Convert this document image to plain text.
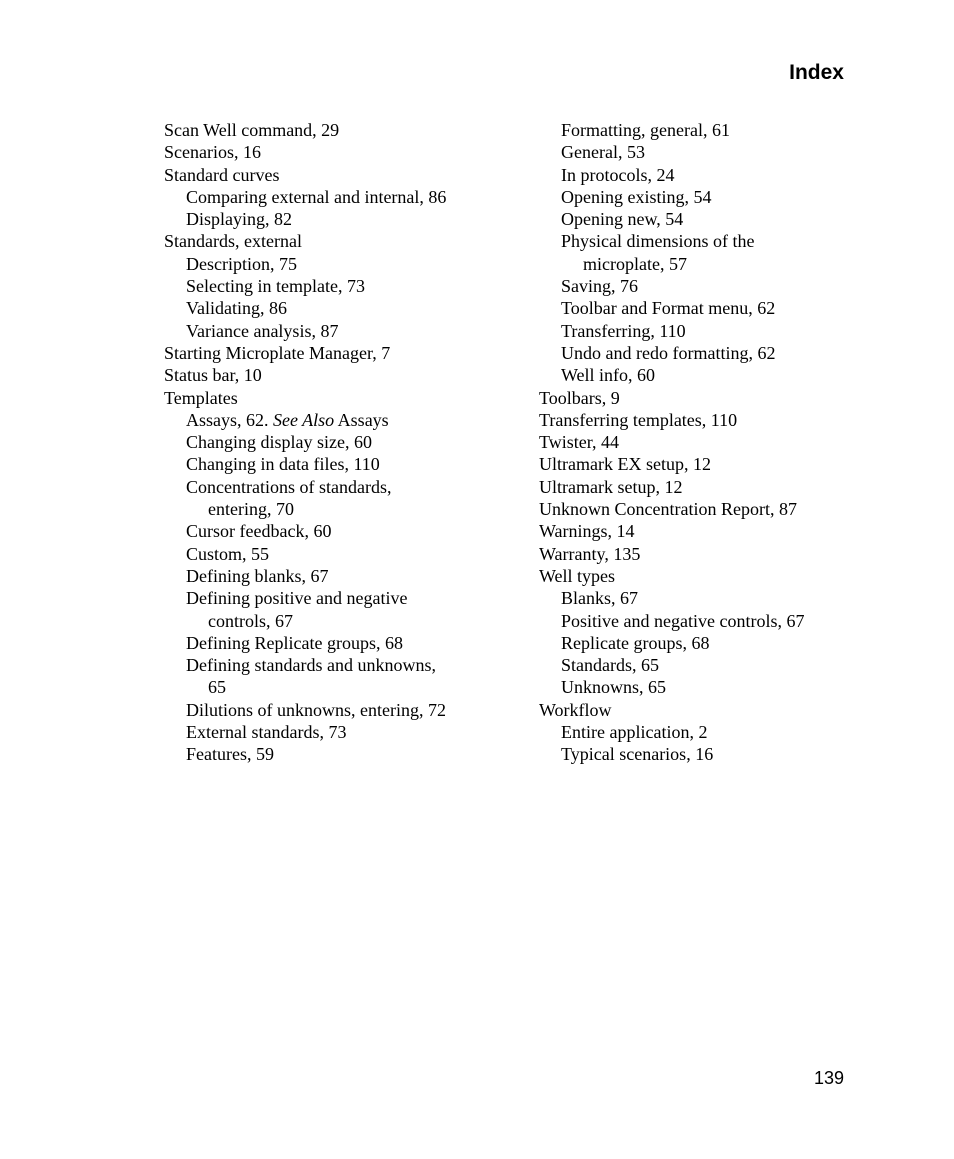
Index
Scan Well command, 29
Scenarios, 16
Standard curves
Comparing external and internal, 86
Displaying, 82
Standards, external
Description, 75
Selecting in template, 73
Validating, 86
Variance analysis, 87
Starting Microplate Manager, 7
Status bar, 10
Templates
Assays, 62. See Also Assays
Changing display size, 60
Changing in data files, 110
Concentrations of standards,
entering, 70
Cursor feedback, 60
Custom, 55
Defining blanks, 67
Defining positive and negative
controls, 67
Defining Replicate groups, 68
Defining standards and unknowns,
65
Dilutions of unknowns, entering, 72
External standards, 73
Features, 59
Formatting, general, 61
General, 53
In protocols, 24
Opening existing, 54
Opening new, 54
Physical dimensions of the
microplate, 57
Saving, 76
Toolbar and Format menu, 62
Transferring, 110
Undo and redo formatting, 62
Well info, 60
Toolbars, 9
Transferring templates, 110
Twister, 44
Ultramark EX setup, 12
Ultramark setup, 12
Unknown Concentration Report, 87
Warnings, 14
Warranty, 135
Well types
Blanks, 67
Positive and negative controls, 67
Replicate groups, 68
Standards, 65
Unknowns, 65
Workflow
Entire application, 2
Typical scenarios, 16
139
